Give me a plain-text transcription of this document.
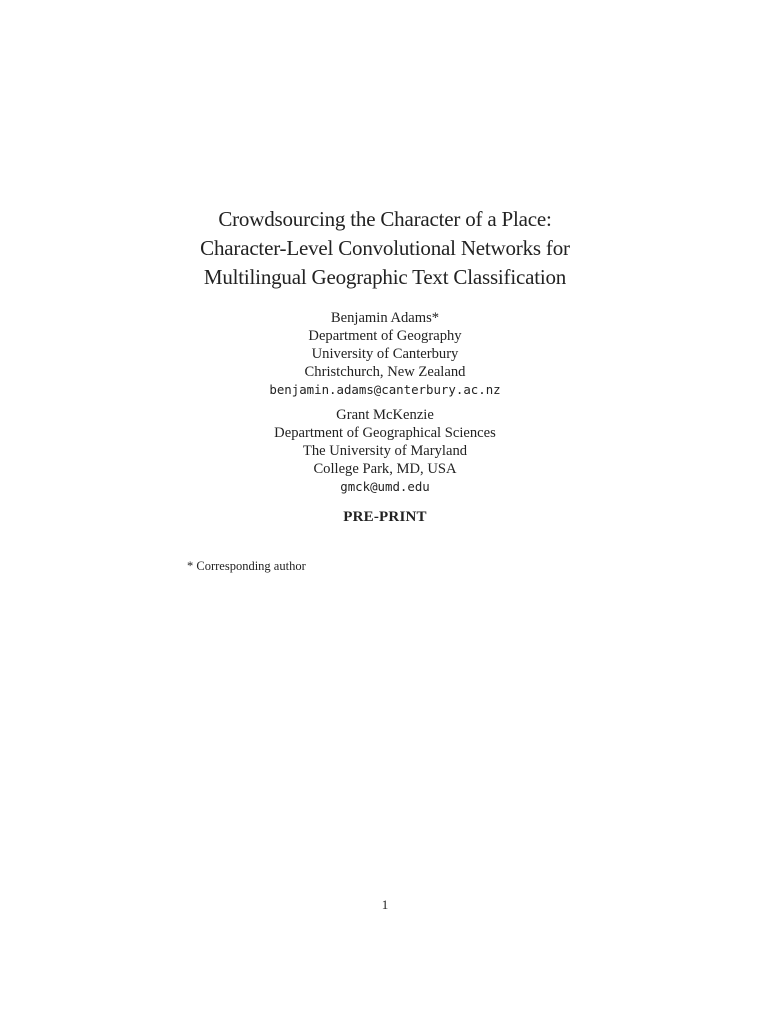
Crowdsourcing the Character of a Place:
Character-Level Convolutional Networks for
Multilingual Geographic Text Classification
Benjamin Adams*
Department of Geography
University of Canterbury
Christchurch, New Zealand
benjamin.adams@canterbury.ac.nz
Grant McKenzie
Department of Geographical Sciences
The University of Maryland
College Park, MD, USA
gmck@umd.edu
PRE-PRINT
* Corresponding author
1
